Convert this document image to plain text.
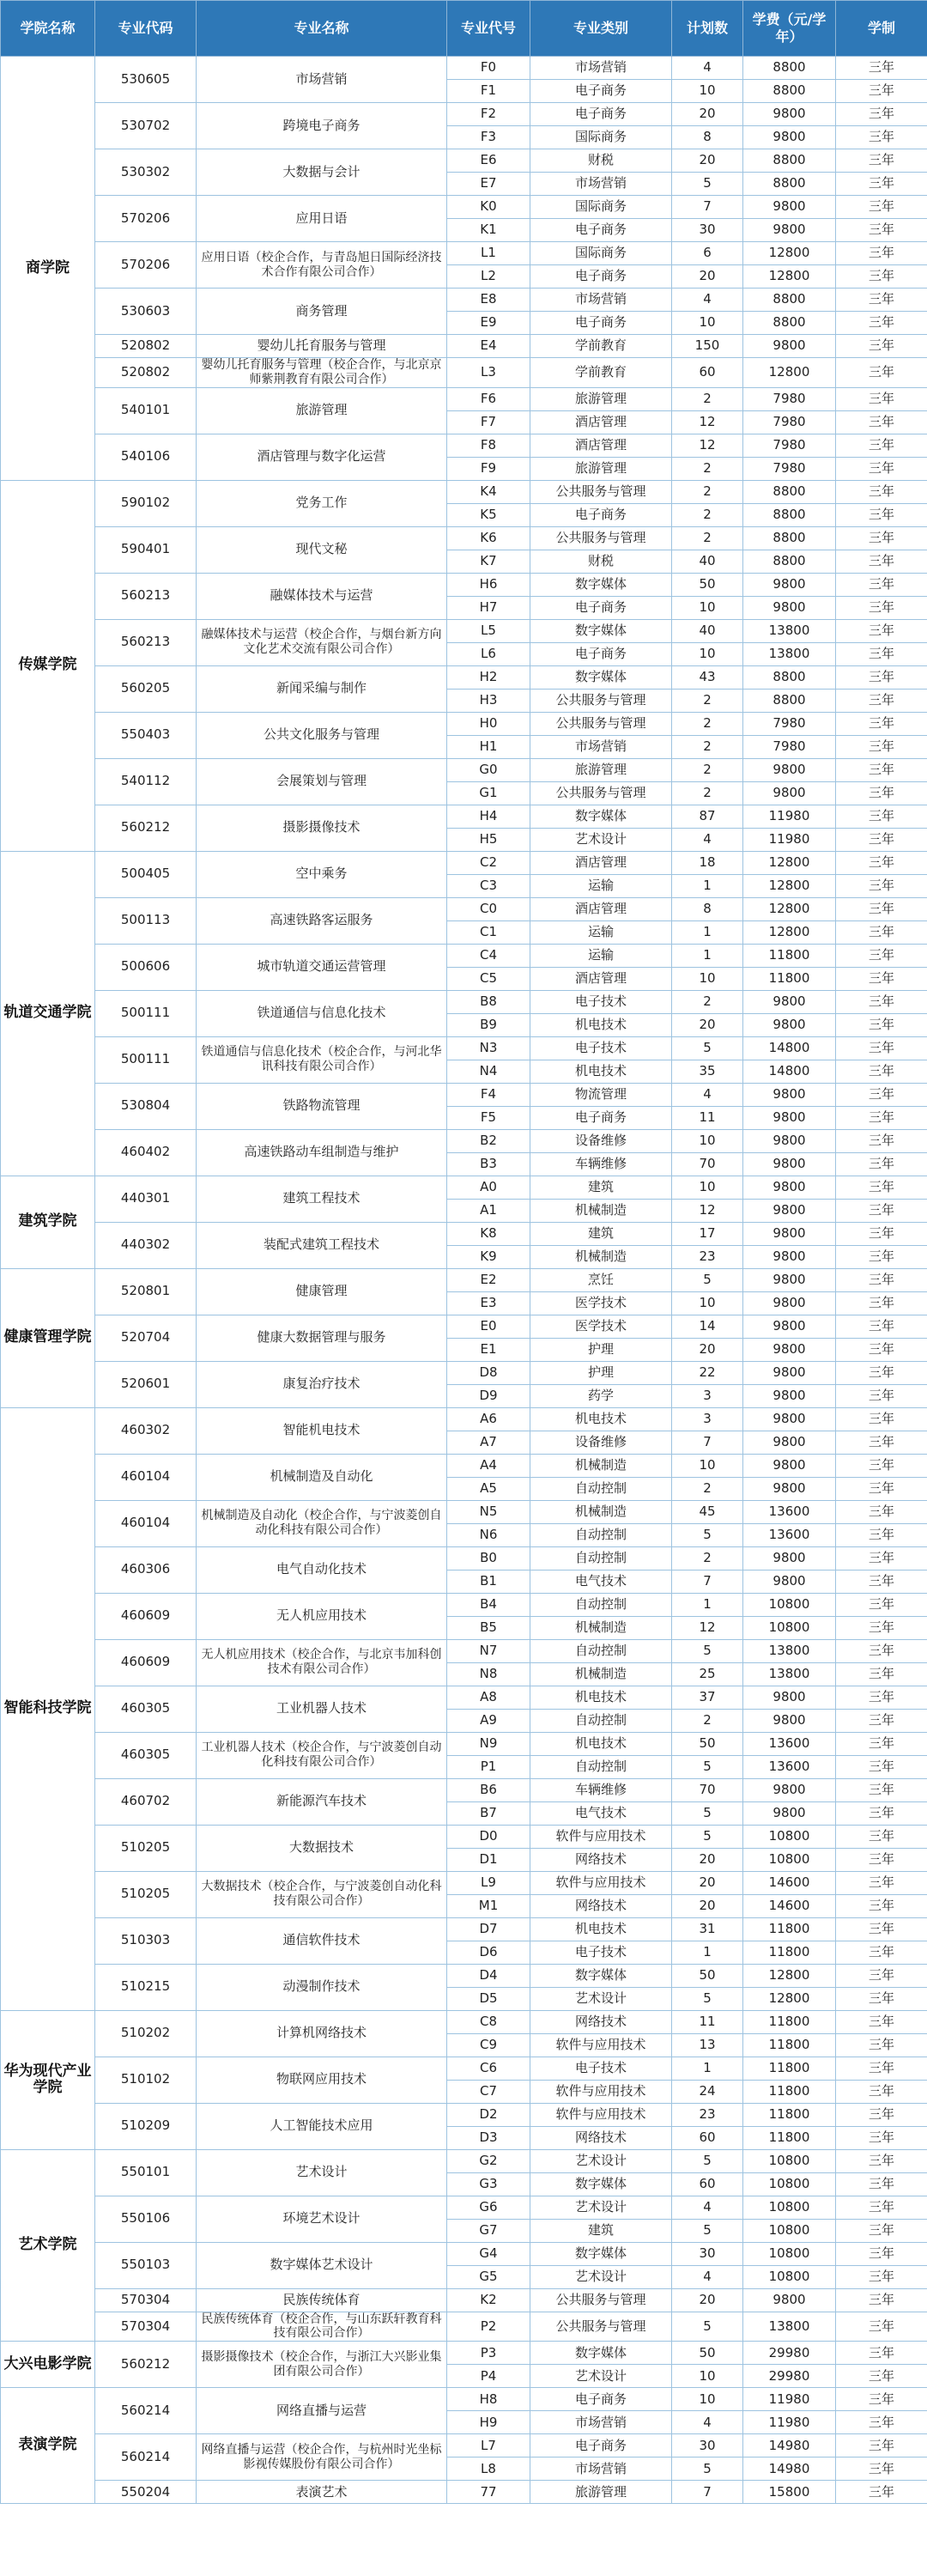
学院名称	专业代码	专业名称	专业代号	专业类别	计划数	学费（元/学年）	学制
商学院	530605	市场营销	F0	市场营销	4	8800	三年
			F1	电子商务	10	8800	三年
	530702	跨境电子商务	F2	电子商务	20	9800	三年
			F3	国际商务	8	9800	三年
	530302	大数据与会计	E6	财税	20	8800	三年
			E7	市场营销	5	8800	三年
	570206	应用日语	K0	国际商务	7	9800	三年
			K1	电子商务	30	9800	三年
	570206	应用日语（校企合作，与青岛旭日国际经济技术合作有限公司合作）	L1	国际商务	6	12800	三年
			L2	电子商务	20	12800	三年
	530603	商务管理	E8	市场营销	4	8800	三年
			E9	电子商务	10	8800	三年
	520802	婴幼儿托育服务与管理	E4	学前教育	150	9800	三年
	520802	婴幼儿托育服务与管理（校企合作，与北京京师紫荆教育有限公司合作）	L3	学前教育	60	12800	三年
	540101	旅游管理	F6	旅游管理	2	7980	三年
			F7	酒店管理	12	7980	三年
	540106	酒店管理与数字化运营	F8	酒店管理	12	7980	三年
			F9	旅游管理	2	7980	三年
传媒学院	590102	党务工作	K4	公共服务与管理	2	8800	三年
			K5	电子商务	2	8800	三年
	590401	现代文秘	K6	公共服务与管理	2	8800	三年
			K7	财税	40	8800	三年
	560213	融媒体技术与运营	H6	数字媒体	50	9800	三年
			H7	电子商务	10	9800	三年
	560213	融媒体技术与运营（校企合作，与烟台新方向文化艺术交流有限公司合作）	L5	数字媒体	40	13800	三年
			L6	电子商务	10	13800	三年
	560205	新闻采编与制作	H2	数字媒体	43	8800	三年
			H3	公共服务与管理	2	8800	三年
	550403	公共文化服务与管理	H0	公共服务与管理	2	7980	三年
			H1	市场营销	2	7980	三年
	540112	会展策划与管理	G0	旅游管理	2	9800	三年
			G1	公共服务与管理	2	9800	三年
	560212	摄影摄像技术	H4	数字媒体	87	11980	三年
			H5	艺术设计	4	11980	三年
轨道交通学院	500405	空中乘务	C2	酒店管理	18	12800	三年
			C3	运输	1	12800	三年
	500113	高速铁路客运服务	C0	酒店管理	8	12800	三年
			C1	运输	1	12800	三年
	500606	城市轨道交通运营管理	C4	运输	1	11800	三年
			C5	酒店管理	10	11800	三年
	500111	铁道通信与信息化技术	B8	电子技术	2	9800	三年
			B9	机电技术	20	9800	三年
	500111	铁道通信与信息化技术（校企合作，与河北华讯科技有限公司合作）	N3	电子技术	5	14800	三年
			N4	机电技术	35	14800	三年
	530804	铁路物流管理	F4	物流管理	4	9800	三年
			F5	电子商务	11	9800	三年
	460402	高速铁路动车组制造与维护	B2	设备维修	10	9800	三年
			B3	车辆维修	70	9800	三年
建筑学院	440301	建筑工程技术	A0	建筑	10	9800	三年
			A1	机械制造	12	9800	三年
	440302	装配式建筑工程技术	K8	建筑	17	9800	三年
			K9	机械制造	23	9800	三年
健康管理学院	520801	健康管理	E2	烹饪	5	9800	三年
			E3	医学技术	10	9800	三年
	520704	健康大数据管理与服务	E0	医学技术	14	9800	三年
			E1	护理	20	9800	三年
	520601	康复治疗技术	D8	护理	22	9800	三年
			D9	药学	3	9800	三年
智能科技学院	460302	智能机电技术	A6	机电技术	3	9800	三年
			A7	设备维修	7	9800	三年
	460104	机械制造及自动化	A4	机械制造	10	9800	三年
			A5	自动控制	2	9800	三年
	460104	机械制造及自动化（校企合作，与宁波菱创自动化科技有限公司合作）	N5	机械制造	45	13600	三年
			N6	自动控制	5	13600	三年
	460306	电气自动化技术	B0	自动控制	2	9800	三年
			B1	电气技术	7	9800	三年
	460609	无人机应用技术	B4	自动控制	1	10800	三年
			B5	机械制造	12	10800	三年
	460609	无人机应用技术（校企合作，与北京韦加科创技术有限公司合作）	N7	自动控制	5	13800	三年
			N8	机械制造	25	13800	三年
	460305	工业机器人技术	A8	机电技术	37	9800	三年
			A9	自动控制	2	9800	三年
	460305	工业机器人技术（校企合作，与宁波菱创自动化科技有限公司合作）	N9	机电技术	50	13600	三年
			P1	自动控制	5	13600	三年
	460702	新能源汽车技术	B6	车辆维修	70	9800	三年
			B7	电气技术	5	9800	三年
	510205	大数据技术	D0	软件与应用技术	5	10800	三年
			D1	网络技术	20	10800	三年
	510205	大数据技术（校企合作，与宁波菱创自动化科技有限公司合作）	L9	软件与应用技术	20	14600	三年
			M1	网络技术	20	14600	三年
	510303	通信软件技术	D7	机电技术	31	11800	三年
			D6	电子技术	1	11800	三年
	510215	动漫制作技术	D4	数字媒体	50	12800	三年
			D5	艺术设计	5	12800	三年
华为现代产业学院	510202	计算机网络技术	C8	网络技术	11	11800	三年
			C9	软件与应用技术	13	11800	三年
	510102	物联网应用技术	C6	电子技术	1	11800	三年
			C7	软件与应用技术	24	11800	三年
	510209	人工智能技术应用	D2	软件与应用技术	23	11800	三年
			D3	网络技术	60	11800	三年
艺术学院	550101	艺术设计	G2	艺术设计	5	10800	三年
			G3	数字媒体	60	10800	三年
	550106	环境艺术设计	G6	艺术设计	4	10800	三年
			G7	建筑	5	10800	三年
	550103	数字媒体艺术设计	G4	数字媒体	30	10800	三年
			G5	艺术设计	4	10800	三年
	570304	民族传统体育	K2	公共服务与管理	20	9800	三年
	570304	民族传统体育（校企合作，与山东跃轩教育科技有限公司合作）	P2	公共服务与管理	5	13800	三年
大兴电影学院	560212	摄影摄像技术（校企合作，与浙江大兴影业集团有限公司合作）	P3	数字媒体	50	29980	三年
			P4	艺术设计	10	29980	三年
表演学院	560214	网络直播与运营	H8	电子商务	10	11980	三年
			H9	市场营销	4	11980	三年
	560214	网络直播与运营（校企合作，与杭州时光坐标影视传媒股份有限公司合作）	L7	电子商务	30	14980	三年
			L8	市场营销	5	14980	三年
	550204	表演艺术	77	旅游管理	7	15800	三年
